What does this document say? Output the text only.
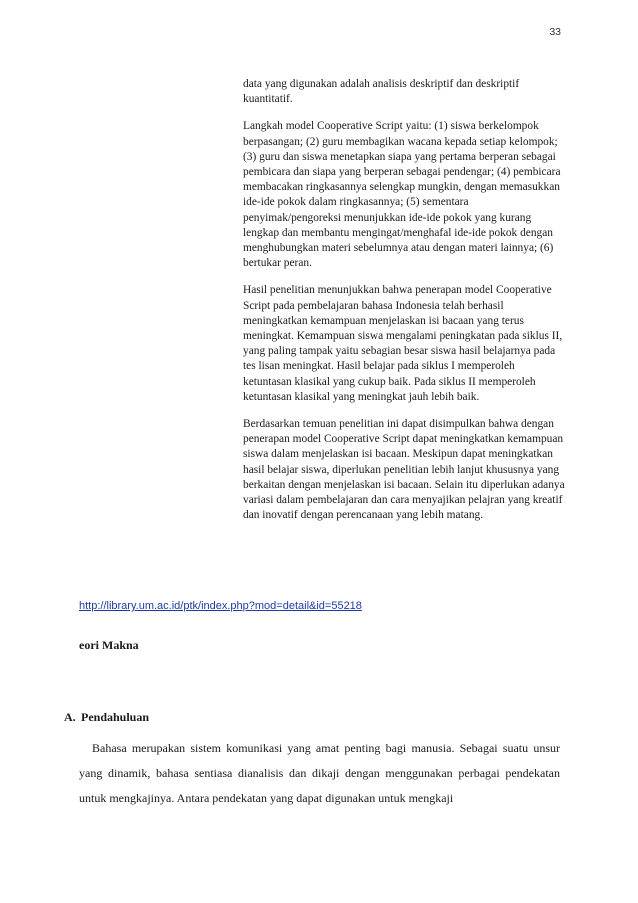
33

data yang digunakan adalah analisis deskriptif dan deskriptif kuantitatif.

Langkah model Cooperative Script yaitu: (1) siswa berkelompok berpasangan; (2) guru membagikan wacana kepada setiap kelompok; (3) guru dan siswa menetapkan siapa yang pertama berperan sebagai pembicara dan siapa yang berperan sebagai pendengar; (4) pembicara membacakan ringkasannya selengkap mungkin, dengan memasukkan ide-ide pokok dalam ringkasannya; (5) sementara penyimak/pengoreksi menunjukkan ide-ide pokok yang kurang lengkap dan membantu mengingat/menghafal ide-ide pokok dengan menghubungkan materi sebelumnya atau dengan materi lainnya; (6) bertukar peran.

Hasil penelitian menunjukkan bahwa penerapan model Cooperative Script pada pembelajaran bahasa Indonesia telah berhasil meningkatkan kemampuan menjelaskan isi bacaan yang terus meningkat. Kemampuan siswa mengalami peningkatan pada siklus II, yang paling tampak yaitu sebagian besar siswa hasil belajarnya pada tes lisan meningkat. Hasil belajar pada siklus I memperoleh ketuntasan klasikal yang cukup baik. Pada siklus II memperoleh ketuntasan klasikal yang meningkat jauh lebih baik.

Berdasarkan temuan penelitian ini dapat disimpulkan bahwa dengan penerapan model Cooperative Script dapat meningkatkan kemampuan siswa dalam menjelaskan isi bacaan. Meskipun dapat meningkatkan hasil belajar siswa, diperlukan penelitian lebih lanjut khususnya yang berkaitan dengan menjelaskan isi bacaan. Selain itu diperlukan adanya variasi dalam pembelajaran dan cara menyajikan pelajran yang kreatif dan inovatif dengan perencanaan yang lebih matang.

http://library.um.ac.id/ptk/index.php?mod=detail&id=55218
eori Makna
A. Pendahuluan
Bahasa merupakan sistem komunikasi yang amat penting bagi manusia. Sebagai suatu unsur yang dinamik, bahasa sentiasa dianalisis dan dikaji dengan menggunakan perbagai pendekatan untuk mengkajinya. Antara pendekatan yang dapat digunakan untuk mengkaji
